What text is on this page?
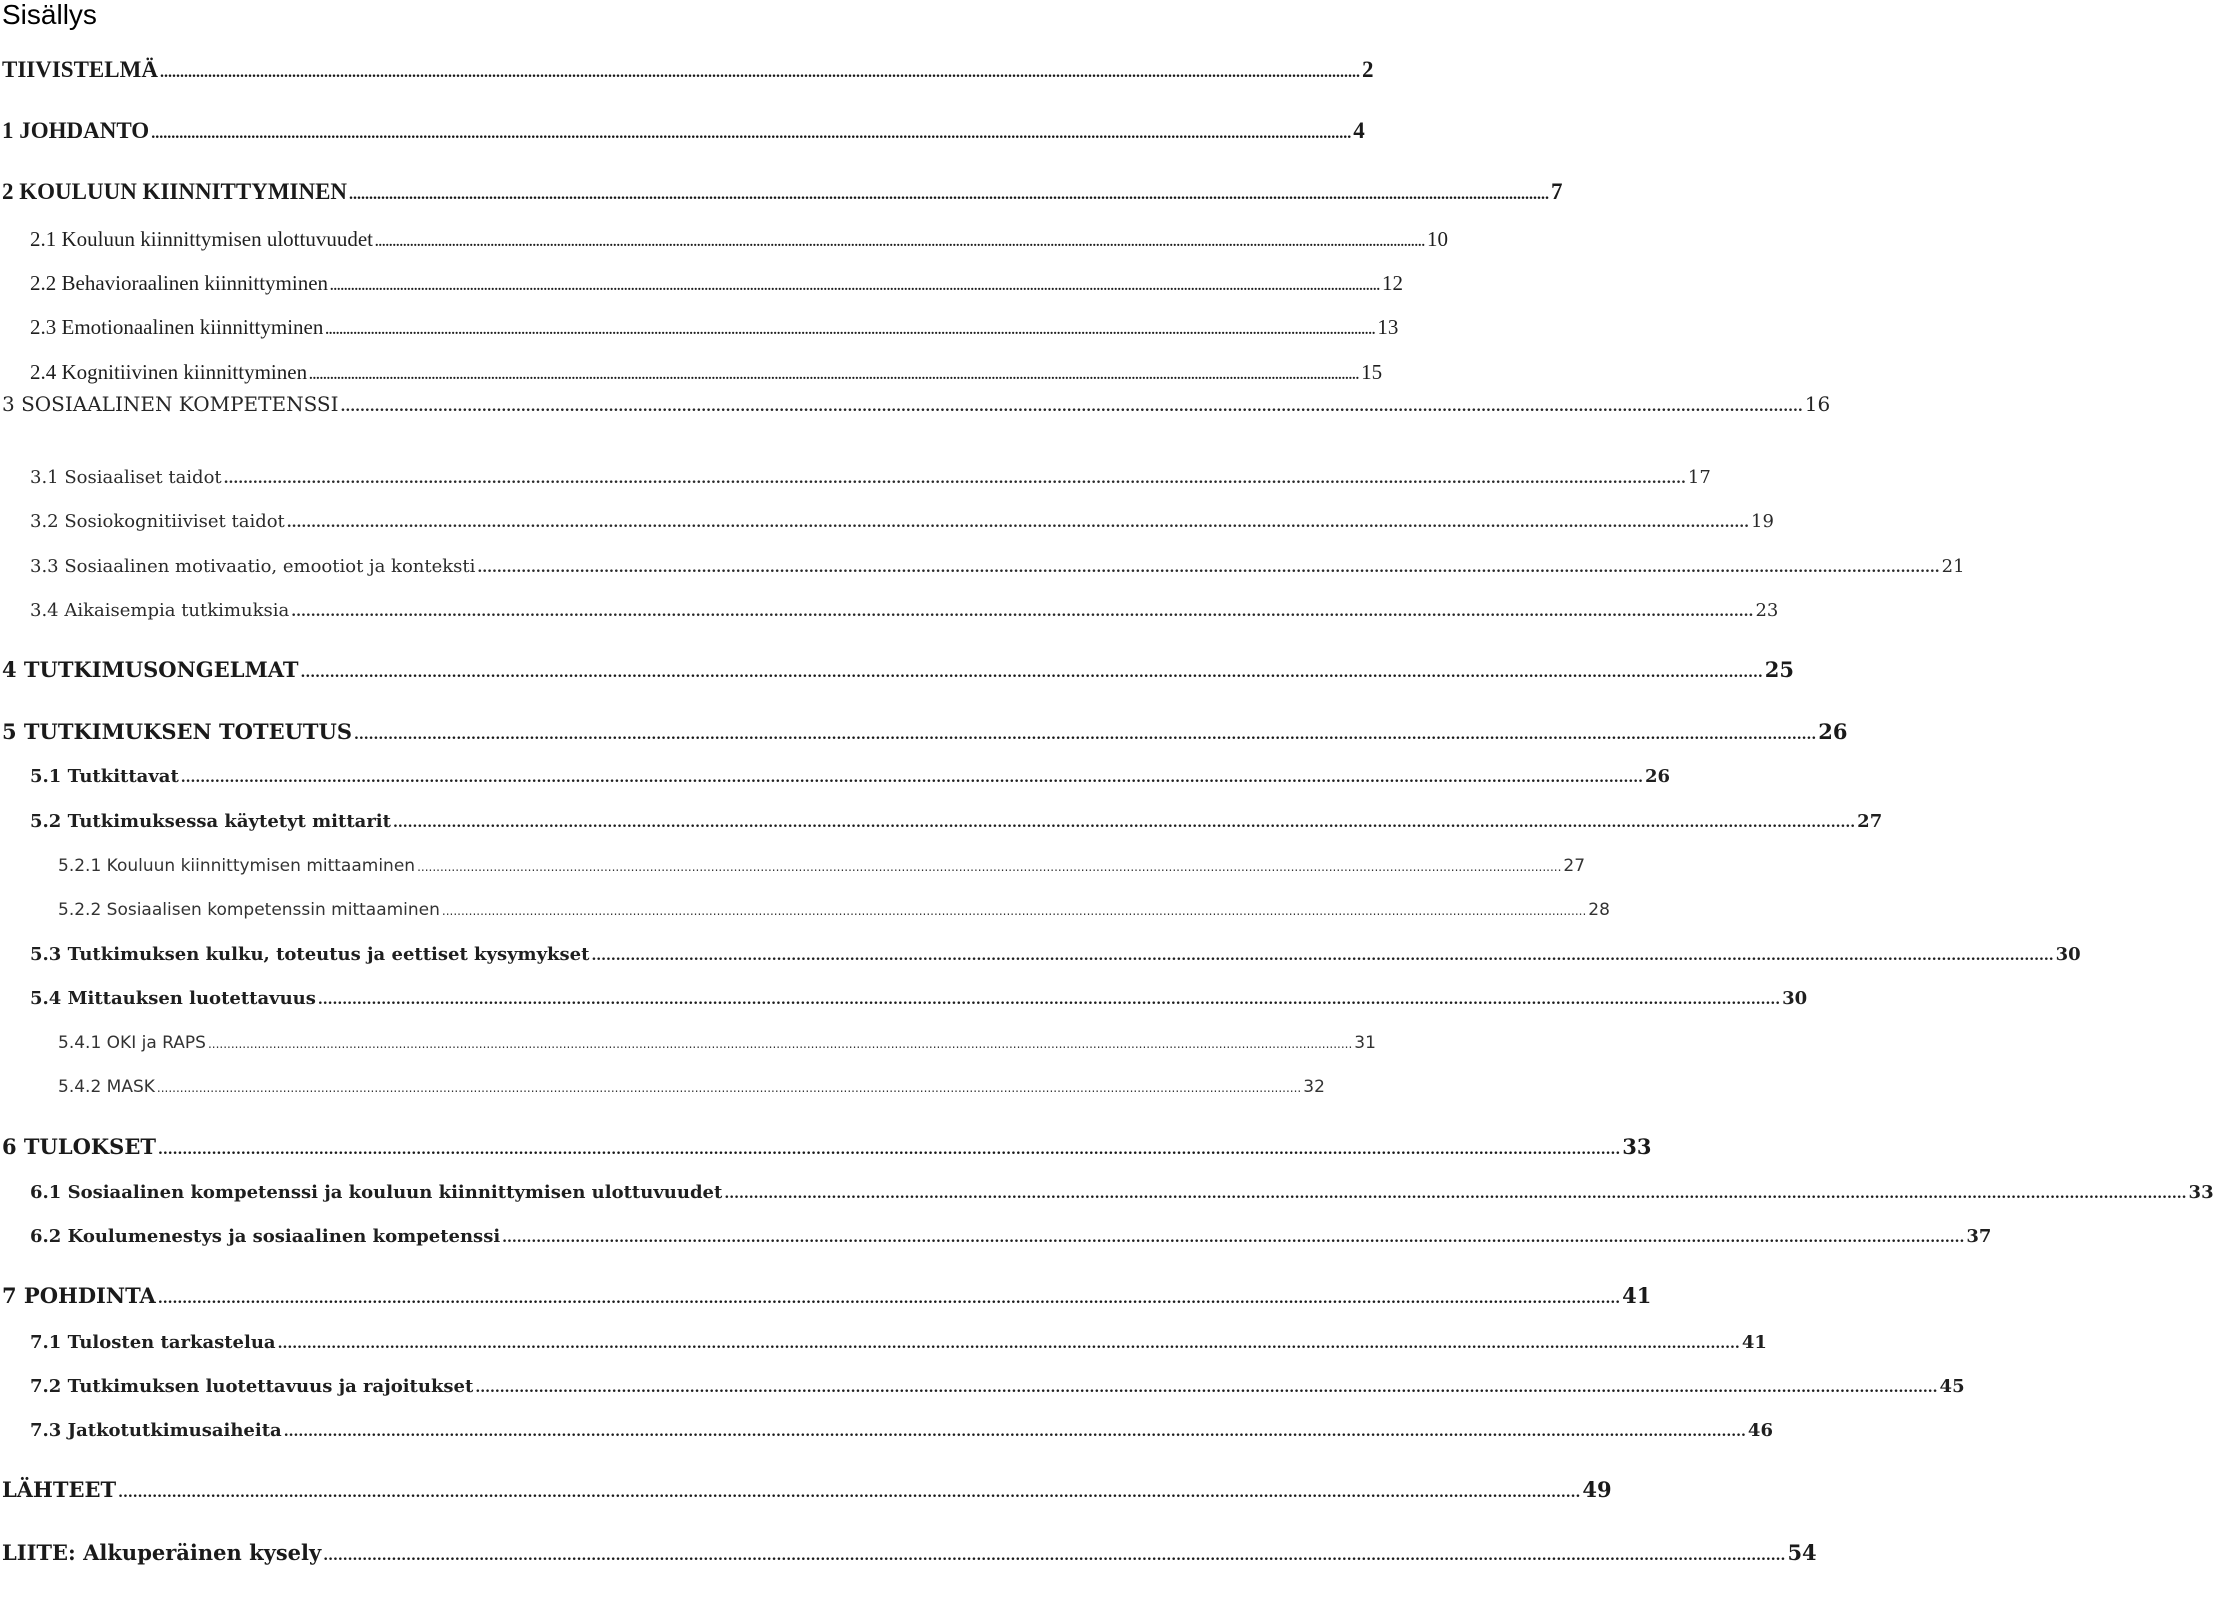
Sisällys
TIIVISTELMÄ ............................................................................................................................................................................................................................................................................................................ 2
1 JOHDANTO ............................................................................................................................................................................................................................................................................................................ 4
2 KOULUUN KIINNITTYMINEN ............................................................................................................................................................................................................................................................................................................ 7
2.1 Kouluun kiinnittymisen ulottuvuudet ............................................................................................................................................................................................................................................................................................................ 10
2.2 Behavioraalinen kiinnittyminen ............................................................................................................................................................................................................................................................................................................ 12
2.3 Emotionaalinen kiinnittyminen ............................................................................................................................................................................................................................................................................................................ 13
2.4 Kognitiivinen kiinnittyminen ............................................................................................................................................................................................................................................................................................................ 15
3 SOSIAALINEN KOMPETENSSI ............................................................................................................................................................................................................................................................................................................ 16
3.1 Sosiaaliset taidot ............................................................................................................................................................................................................................................................................................................ 17
3.2 Sosiokognitiiviset taidot ............................................................................................................................................................................................................................................................................................................ 19
3.3 Sosiaalinen motivaatio, emootiot ja konteksti ............................................................................................................................................................................................................................................................................................................ 21
3.4 Aikaisempia tutkimuksia ............................................................................................................................................................................................................................................................................................................ 23
4 TUTKIMUSONGELMAT ............................................................................................................................................................................................................................................................................................................ 25
5 TUTKIMUKSEN TOTEUTUS ............................................................................................................................................................................................................................................................................................................ 26
5.1 Tutkittavat ............................................................................................................................................................................................................................................................................................................ 26
5.2 Tutkimuksessa käytetyt mittarit ............................................................................................................................................................................................................................................................................................................ 27
5.2.1 Kouluun kiinnittymisen mittaaminen ............................................................................................................................................................................................................................................................................................................ 27
5.2.2 Sosiaalisen kompetenssin mittaaminen ............................................................................................................................................................................................................................................................................................................ 28
5.3 Tutkimuksen kulku, toteutus ja eettiset kysymykset ............................................................................................................................................................................................................................................................................................................ 30
5.4 Mittauksen luotettavuus ............................................................................................................................................................................................................................................................................................................ 30
5.4.1 OKI ja RAPS ............................................................................................................................................................................................................................................................................................................ 31
5.4.2 MASK ............................................................................................................................................................................................................................................................................................................ 32
6 TULOKSET ............................................................................................................................................................................................................................................................................................................ 33
6.1 Sosiaalinen kompetenssi ja kouluun kiinnittymisen ulottuvuudet ............................................................................................................................................................................................................................................................................................................ 33
6.2 Koulumenestys ja sosiaalinen kompetenssi ............................................................................................................................................................................................................................................................................................................ 37
7 POHDINTA ............................................................................................................................................................................................................................................................................................................ 41
7.1 Tulosten tarkastelua ............................................................................................................................................................................................................................................................................................................ 41
7.2 Tutkimuksen luotettavuus ja rajoitukset ............................................................................................................................................................................................................................................................................................................ 45
7.3 Jatkotutkimusaiheita ............................................................................................................................................................................................................................................................................................................ 46
LÄHTEET ............................................................................................................................................................................................................................................................................................................ 49
LIITE: Alkuperäinen kysely ............................................................................................................................................................................................................................................................................................................ 54
